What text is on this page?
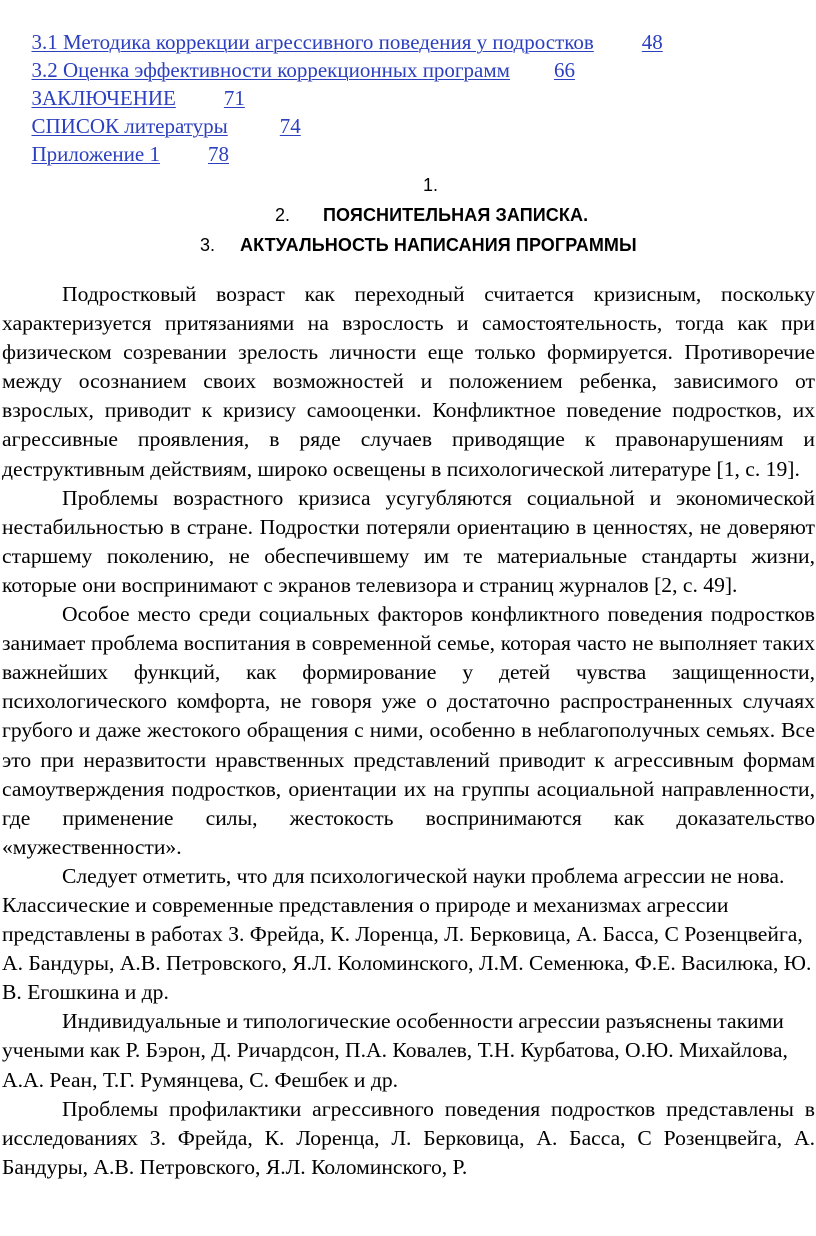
3.1 Методика коррекции агрессивного поведения у подростков 48

3.2 Оценка эффективности коррекционных программ 66

ЗАКЛЮЧЕНИЕ 71

СПИСОК литературы 74

Приложение 1 78

1.
2. ПОЯСНИТЕЛЬНАЯ ЗАПИСКА.
3. АКТУАЛЬНОСТЬ НАПИСАНИЯ ПРОГРАММЫ

Подростковый возраст как переходный считается кризисным, поскольку характеризуется притязаниями на взрослость и самостоятельность, тогда как при физическом созревании зрелость личности еще только формируется. Противоречие между осознанием своих возможностей и положением ребенка, зависимого от взрослых, приводит к кризису самооценки. Конфликтное поведение подростков, их агрессивные проявления, в ряде случаев приводящие к правонарушениям и деструктивным действиям, широко освещены в психологической литературе [1, с. 19].

Проблемы возрастного кризиса усугубляются социальной и экономической нестабильностью в стране. Подростки потеряли ориентацию в ценностях, не доверяют старшему поколению, не обеспечившему им те материальные стандарты жизни, которые они воспринимают с экранов телевизора и страниц журналов [2, с. 49].

Особое место среди социальных факторов конфликтного поведения подростков занимает проблема воспитания в современной семье, которая часто не выполняет таких важнейших функций, как формирование у детей чувства защищенности, психологического комфорта, не говоря уже о достаточно распространенных случаях грубого и даже жестокого обращения с ними, особенно в неблагополучных семьях. Все это при неразвитости нравственных представлений приводит к агрессивным формам самоутверждения подростков, ориентации их на группы асоциальной направленности, где применение силы, жестокость воспринимаются как доказательство «мужественности».

Следует отметить, что для психологической науки проблема агрессии не нова. Классические и современные представления о природе и механизмах агрессии представлены в работах З. Фрейда, К. Лоренца, Л. Берковица, А. Басса, С Розенцвейга, А. Бандуры, А.В. Петровского, Я.Л. Коломинского, Л.М. Семенюка, Ф.Е. Василюка, Ю. В. Егошкина и др.

Индивидуальные и типологические особенности агрессии разъяснены такими учеными как Р. Бэрон, Д. Ричардсон, П.А. Ковалев, Т.Н. Курбатова, О.Ю. Михайлова, А.А. Реан, Т.Г. Румянцева, С. Фешбек и др.

Проблемы профилактики агрессивного поведения подростков представлены в исследованиях З. Фрейда, К. Лоренца, Л. Берковица, А. Басса, С Розенцвейга, А. Бандуры, А.В. Петровского, Я.Л. Коломинского, Р.
